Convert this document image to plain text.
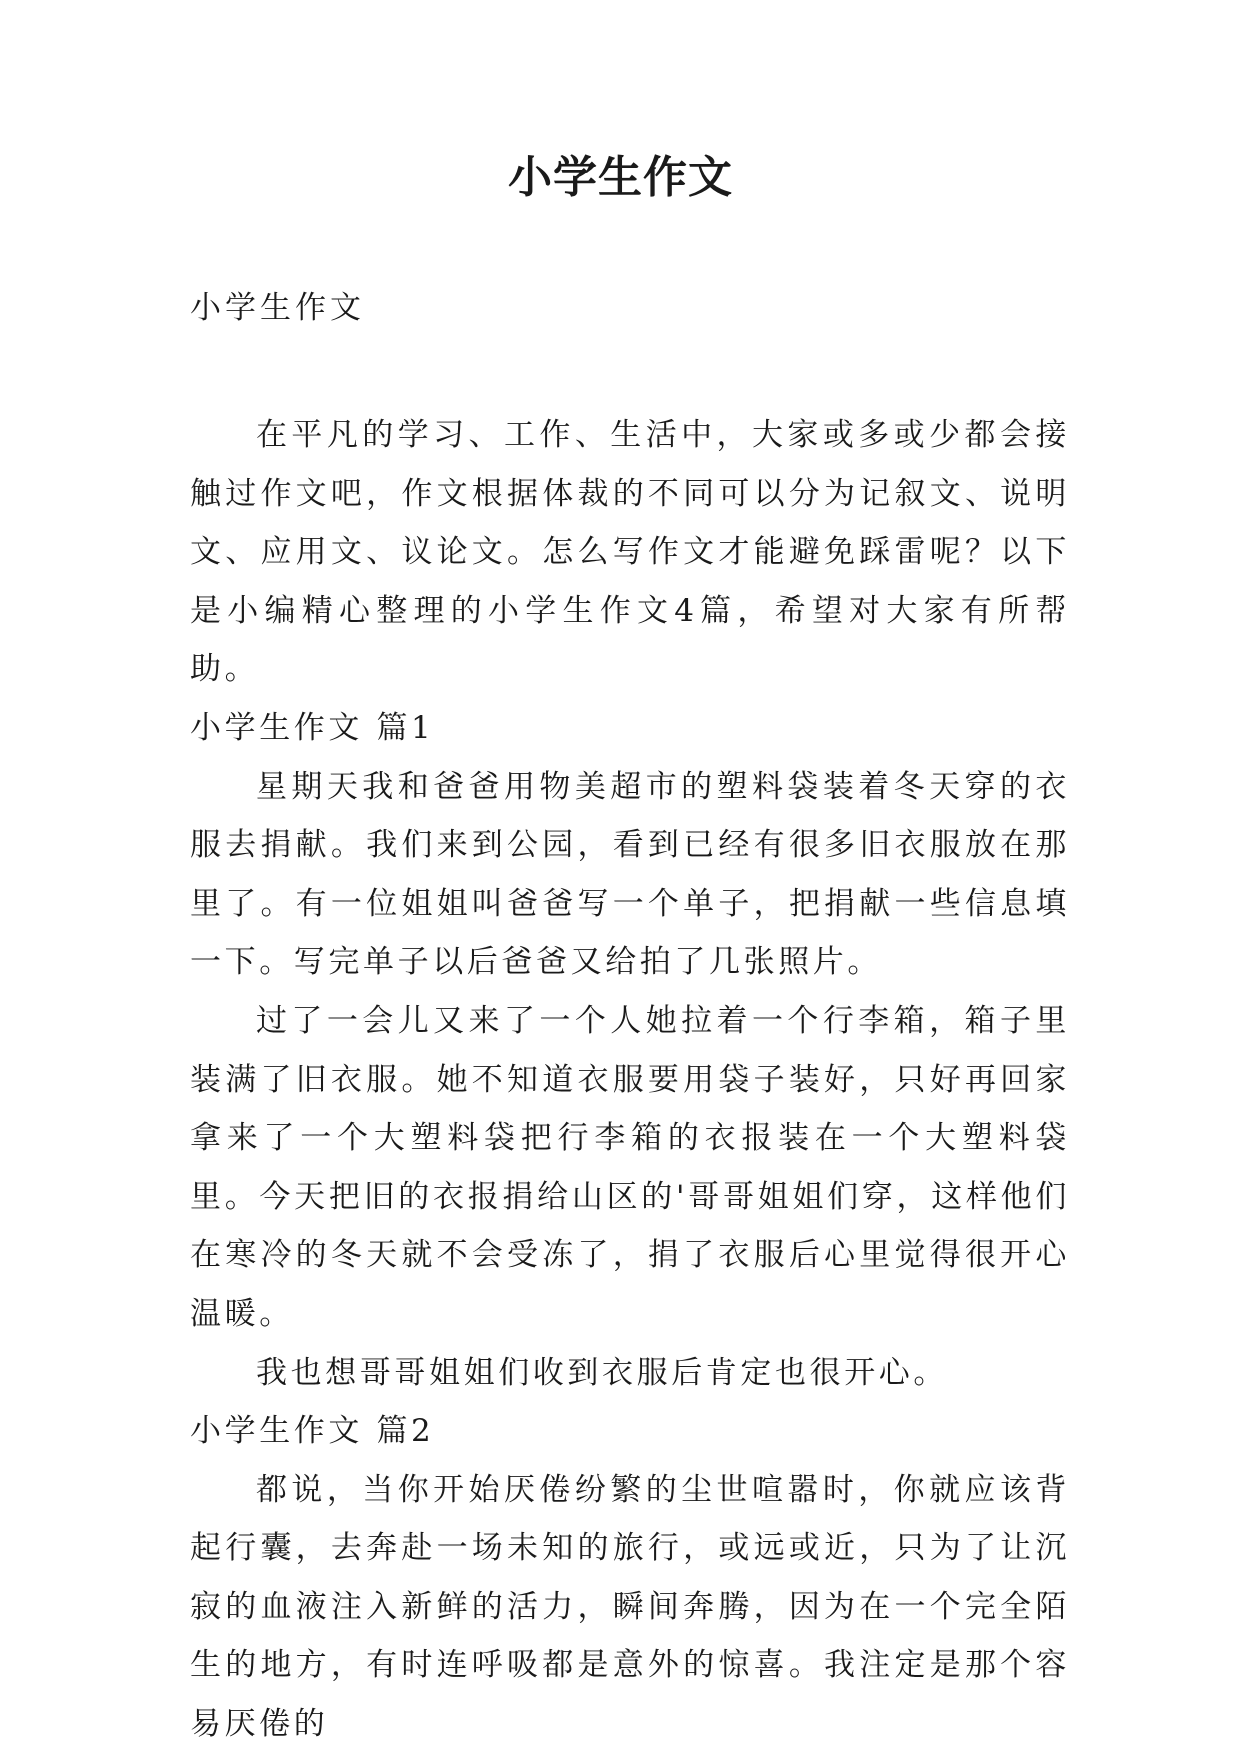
小学生作文

小学生作文

在平凡的学习、工作、生活中，大家或多或少都会接触过作文吧，作文根据体裁的不同可以分为记叙文、说明文、应用文、议论文。怎么写作文才能避免踩雷呢？以下是小编精心整理的小学生作文4篇，希望对大家有所帮助。

小学生作文 篇1

星期天我和爸爸用物美超市的塑料袋装着冬天穿的衣服去捐献。我们来到公园，看到已经有很多旧衣服放在那里了。有一位姐姐叫爸爸写一个单子，把捐献一些信息填一下。写完单子以后爸爸又给拍了几张照片。

过了一会儿又来了一个人她拉着一个行李箱，箱子里装满了旧衣服。她不知道衣服要用袋子装好，只好再回家拿来了一个大塑料袋把行李箱的衣报装在一个大塑料袋里。今天把旧的衣报捐给山区的'哥哥姐姐们穿，这样他们在寒冷的冬天就不会受冻了，捐了衣服后心里觉得很开心温暖。

我也想哥哥姐姐们收到衣服后肯定也很开心。

小学生作文 篇2

都说，当你开始厌倦纷繁的尘世喧嚣时，你就应该背起行囊，去奔赴一场未知的旅行，或远或近，只为了让沉寂的血液注入新鲜的活力，瞬间奔腾，因为在一个完全陌生的地方，有时连呼吸都是意外的惊喜。我注定是那个容易厌倦的
